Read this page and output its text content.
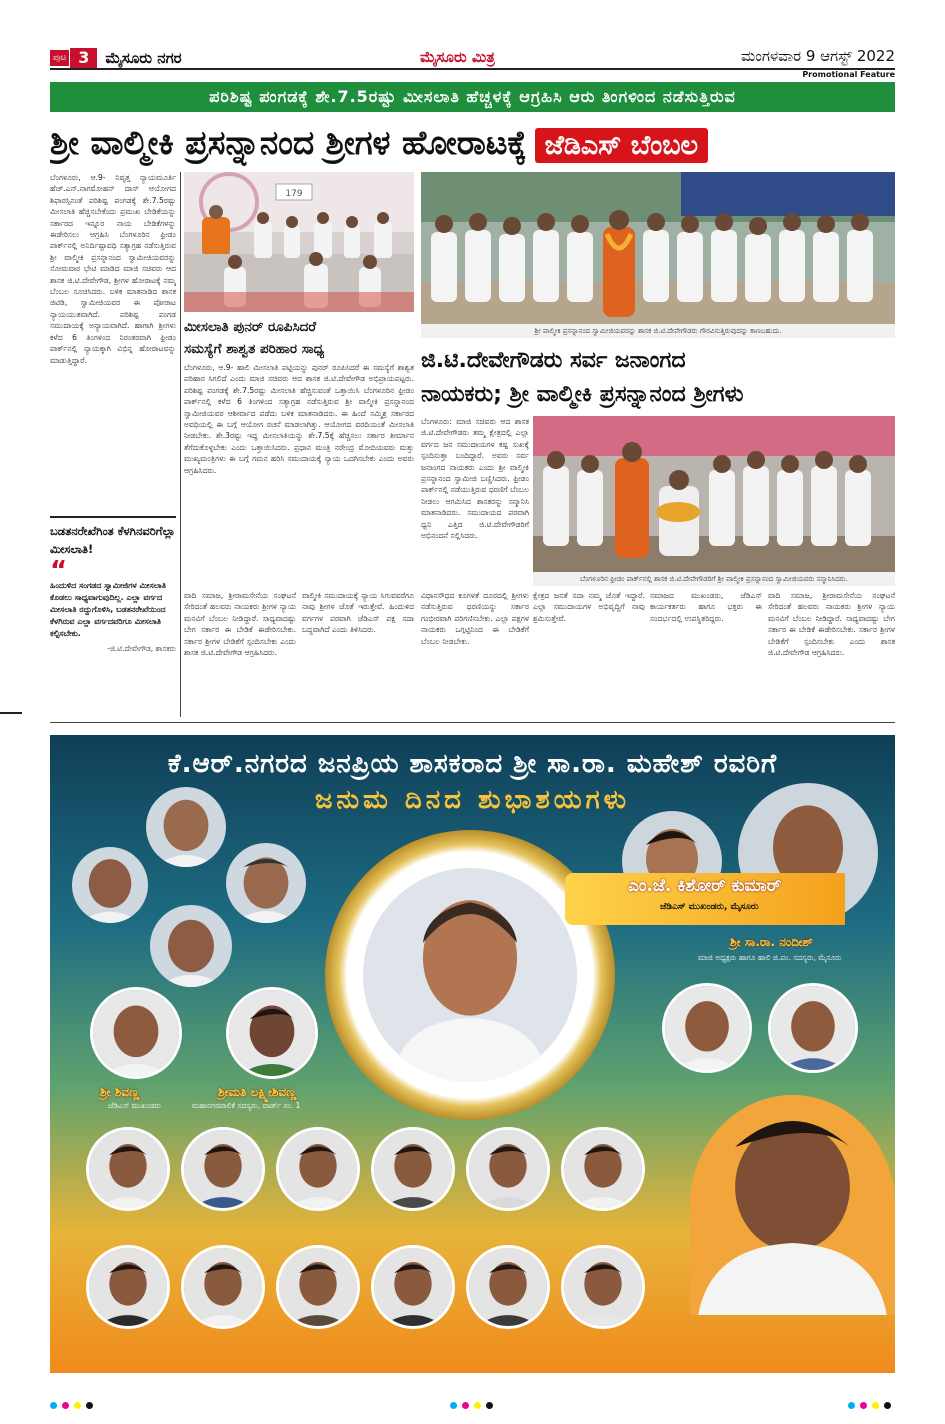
ಪುಟ 3	ಮೈಸೂರು ನಗರ	ಮೈಸೂರು ಮಿತ್ರ	ಮಂಗಳವಾರ 9 ಆಗಸ್ಟ್ 2022
Promotional Feature
ಪರಿಶಿಷ್ಟ ಪಂಗಡಕ್ಕೆ ಶೇ.7.5ರಷ್ಟು ಮೀಸಲಾತಿ ಹೆಚ್ಚಳಕ್ಕೆ ಆಗ್ರಹಿಸಿ ಆರು ತಿಂಗಳಿಂದ ನಡೆಸುತ್ತಿರುವ
ಶ್ರೀ ವಾಲ್ಮೀಕಿ ಪ್ರಸನ್ನಾನಂದ ಶ್ರೀಗಳ ಹೋರಾಟಕ್ಕೆ ಜೆಡಿಎಸ್ ಬೆಂಬಲ
ಬೆಂಗಳೂರು, ಆ.9- ನಿವೃತ್ತ ನ್ಯಾಯಮೂರ್ತಿ ಹೆಚ್.ಎನ್.ನಾಗಮೋಹನ್ ದಾಸ್ ಆಯೋಗದ ಶಿಫಾರಸ್ಸಿನಂತೆ ಪರಿಶಿಷ್ಟ ಪಂಗಡಕ್ಕೆ ಶೇ.7.5ರಷ್ಟು ಮೀಸಲಾತಿ ಹೆಚ್ಚಿಸಬೇಕೆಂದು ಪ್ರಮುಖ ಬೇಡಿಕೆಯನ್ನು ಸರ್ಕಾರದ ಇನ್ನೂರ ನಾಯ ಬೇಡಿಕೆಗಳನ್ನು ಈಡೇರಿಸಲು ಆಗ್ರಹಿಸಿ ಬೆಂಗಳೂರಿನ ಫ್ರೀಡಂ ಪಾರ್ಕ್‌ನಲ್ಲಿ ಅನಿರ್ದಿಷ್ಟಾವಧಿ ಸತ್ಯಾಗ್ರಹ ನಡೆಸುತ್ತಿರುವ ಶ್ರೀ ವಾಲ್ಮೀಕಿ ಪ್ರಸನ್ನಾನಂದ ಸ್ವಾಮೀಜಿಯವರನ್ನು ಸೋಮವಾರ ಭೇಟಿ ಮಾಡಿದ ಮಾಜಿ ಸಚಿವರು ಆದ ಶಾಸಕ ಜಿ.ಟಿ.ದೇವೇಗೌಡ, ಶ್ರೀಗಳ ಹೋರಾಟಕ್ಕೆ ನಮ್ಮ ಬೆಂಬಲ ಸೂಚಿಸಿದರು. ಬಳಿಕ ಮಾತನಾಡಿದ ಶಾಸಕ ಜಿಟಿಡಿ, ಸ್ವಾಮೀಜಿಯವರ ಈ ಪೋರಾಟ ನ್ಯಾಯಯುತವಾಗಿದೆ. ಪರಿಶಿಷ್ಟ ಪಂಗಡ ಸಮುದಾಯಕ್ಕೆ ಅನ್ಯಾಯವಾಗಿದೆ. ಹಾಗಾಗಿ ಶ್ರೀಗಳು ಕಳೆದ 6 ತಿಂಗಳಿಂದ ನಿರಂತರವಾಗಿ ಫ್ರೀಡಂ ಪಾರ್ಕ್‌ನಲ್ಲಿ ನ್ಯಾಯಕ್ಕಾಗಿ ವಿಭಿನ್ನ ಹೋರಾಟವನ್ನು ಮಾಡುತ್ತಿದ್ದಾರೆ.
179
ಶ್ರೀ ವಾಲ್ಮೀಕಿ ಪ್ರಸನ್ನಾನಂದ ಸ್ವಾಮೀಜಿಯವರನ್ನು ಶಾಸಕ ಜಿ.ಟಿ.ದೇವೇಗೌಡರು ಗೌರವಿಸುತ್ತಿರುವುದನ್ನು ಕಾಣಬಹುದು.
ಮೀಸಲಾತಿ ಪುನರ್ ರೂಪಿಸಿದರೆ
ಸಮಸ್ಯೆಗೆ ಶಾಶ್ವತ ಪರಿಹಾರ ಸಾಧ್ಯ
ಬೆಂಗಳೂರು, ಆ.9- ಹಾಲಿ ಮೀಸಲಾತಿ ಪಟ್ಟಿಯನ್ನು ಪುನರ್ ರೂಪಿಸಿದರೆ ಈ ಸಮಸ್ಯೆಗೆ ಶಾಶ್ವತ ಪರಿಹಾರ ಸಿಗಲಿದೆ ಎಂದು ಮಾಜಿ ಸಚಿವರು ಆದ ಶಾಸಕ ಜಿ.ಟಿ.ದೇವೇಗೌಡ ಅಭಿಪ್ರಾಯಪಟ್ಟರು. ಪರಿಶಿಷ್ಟ ಪಂಗಡಕ್ಕೆ ಶೇ.7.5ರಷ್ಟು ಮೀಸಲಾತಿ ಹೆಚ್ಚಿಸುವಂತೆ ಒತ್ತಾಯಿಸಿ ಬೆಂಗಳೂರಿನ ಫ್ರೀಡಂ ಪಾರ್ಕ್‌ನಲ್ಲಿ ಕಳೆದ 6 ತಿಂಗಳಿಂದ ಸತ್ಯಾಗ್ರಹ ನಡೆಸುತ್ತಿರುವ ಶ್ರೀ ವಾಲ್ಮೀಕಿ ಪ್ರಸನ್ನಾನಂದ ಸ್ವಾಮೀಜಿಯವರ ಆಶೀರ್ವಾದ ಪಡೆದು ಬಳಿಕ ಮಾತನಾಡಿದರು. ಈ ಹಿಂದೆ ಸಮ್ಮಿಶ್ರ ಸರ್ಕಾರದ ಅವಧಿಯಲ್ಲಿ ಈ ಬಗ್ಗೆ ಆಯೋಗ ರಚನೆ ಮಾಡಲಾಗಿತ್ತು. ಆಯೋಗದ ವರದಿಯಂತೆ ಮೀಸಲಾತಿ ನೀಡಬೇಕು. ಶೇ.3ರಷ್ಟು ಇದ್ದ ಮೀಸಲಾತಿಯನ್ನು ಶೇ.7.5ಕ್ಕೆ ಹೆಚ್ಚಿಸಲು ಸರ್ಕಾರ ತೀರ್ಮಾನ ತೆಗೆದುಕೊಳ್ಳಬೇಕು ಎಂದು ಒತ್ತಾಯಿಸಿದರು. ಪ್ರಧಾನ ಮಂತ್ರಿ ನರೇಂದ್ರ ಮೋದಿಯವರು ಮತ್ತು ಮುಖ್ಯಮಂತ್ರಿಗಳು ಈ ಬಗ್ಗೆ ಗಮನ ಹರಿಸಿ ಸಮುದಾಯಕ್ಕೆ ನ್ಯಾಯ ಒದಗಿಸಬೇಕು ಎಂದು ಅವರು ಆಗ್ರಹಿಸಿದರು.
ಜಿ.ಟಿ.ದೇವೇಗೌಡರು ಸರ್ವ ಜನಾಂಗದ
ನಾಯಕರು; ಶ್ರೀ ವಾಲ್ಮೀಕಿ ಪ್ರಸನ್ನಾನಂದ ಶ್ರೀಗಳು
ಬೆಂಗಳೂರು: ಮಾಜಿ ಸಚಿವರು ಆದ ಶಾಸಕ ಜಿ.ಟಿ.ದೇವೇಗೌಡರು ತಮ್ಮ ಕ್ಷೇತ್ರದಲ್ಲಿ ಎಲ್ಲಾ ವರ್ಗದ ಜನ ಸಮುದಾಯಗಳ ಕಷ್ಟ ಸುಖಕ್ಕೆ ಸ್ಪಂದಿಸುತ್ತಾ ಬಂದಿದ್ದಾರೆ. ಅವರು ಸರ್ವ ಜನಾಂಗದ ನಾಯಕರು ಎಂದು ಶ್ರೀ ವಾಲ್ಮೀಕಿ ಪ್ರಸನ್ನಾನಂದ ಸ್ವಾಮೀಜಿ ಬಣ್ಣಿಸಿದರು. ಫ್ರೀಡಂ ಪಾರ್ಕ್‌ನಲ್ಲಿ ನಡೆಯುತ್ತಿರುವ ಧರಣಿಗೆ ಬೆಂಬಲ ನೀಡಲು ಆಗಮಿಸಿದ ಶಾಸಕರನ್ನು ಸನ್ಮಾನಿಸಿ ಮಾತನಾಡಿದರು. ಸಮುದಾಯದ ಪರವಾಗಿ ಧ್ವನಿ ಎತ್ತಿದ ಜಿ.ಟಿ.ದೇವೇಗೌಡರಿಗೆ ಅಭಿನಂದನೆ ಸಲ್ಲಿಸಿದರು.
ಬೆಂಗಳೂರಿನ ಫ್ರೀಡಂ ಪಾರ್ಕ್‌ನಲ್ಲಿ ಶಾಸಕ ಜಿ.ಟಿ.ದೇವೇಗೌಡರಿಗೆ ಶ್ರೀ ವಾಲ್ಮೀಕಿ ಪ್ರಸನ್ನಾನಂದ ಸ್ವಾಮೀಜಿಯವರು ಸನ್ಮಾನಿಸಿದರು.
ಬಡತನರೇಖೆಗಿಂತ ಕೆಳಗಿನವರಿಗೆಲ್ಲಾ ಮೀಸಲಾತಿ!
“
ಹಿಂದುಳಿದ ಸಂಗಡದ ಸ್ವಾಮೀಜಿಗಳ ಮೀಸಲಾತಿ ಕೊಡಲು ಸಾಧ್ಯವಾಗುವುದಿಲ್ಲ. ಎಲ್ಲಾ ವರ್ಗದ ಮೀಸಲಾತಿ ರದ್ದುಗೊಳಿಸಿ, ಬಡತನರೇಖೆಯಿಂದ ಕೆಳಗಿರುವ ಎಲ್ಲಾ ವರ್ಗದವರಿಗೂ ಮೀಸಲಾತಿ ಕಲ್ಪಿಸಬೇಕು.
-ಜಿ.ಟಿ.ದೇವೇಗೌಡ, ಶಾಸಕರು
ವಾದಿ ಸಮಾಜ, ಶ್ರೀರಾಮಸೇನೆಯ ಸಂಘಟನೆ ಸೇರಿದಂತೆ ಹಲವರು ನಾಯಕರು ಶ್ರೀಗಳ ನ್ಯಾಯ ಮನವಿಗೆ ಬೆಂಬಲ ನೀಡಿದ್ದಾರೆ. ಸಾಧ್ಯವಾದಷ್ಟು ಬೇಗ ಸರ್ಕಾರ ಈ ಬೇಡಿಕೆ ಈಡೇರಿಸಬೇಕು. ಸರ್ಕಾರ ಶ್ರೀಗಳ ಬೇಡಿಕೆಗೆ ಸ್ಪಂದಿಸಬೇಕು ಎಂದು ಶಾಸಕ ಜಿ.ಟಿ.ದೇವೇಗೌಡ ಆಗ್ರಹಿಸಿದರು.
ವಾಲ್ಮೀಕಿ ಸಮುದಾಯಕ್ಕೆ ನ್ಯಾಯ ಸಿಗುವವರೆಗೂ ನಾವು ಶ್ರೀಗಳ ಜೊತೆ ಇರುತ್ತೇವೆ. ಹಿಂದುಳಿದ ವರ್ಗಗಳ ಪರವಾಗಿ ಜೆಡಿಎಸ್ ಪಕ್ಷ ಸದಾ ಬದ್ಧವಾಗಿದೆ ಎಂದು ತಿಳಿಸಿದರು.
ವಿಧಾನಸೌಧದ ಕೂಗಳತೆ ದೂರದಲ್ಲಿ ಶ್ರೀಗಳು ನಡೆಸುತ್ತಿರುವ ಧರಣಿಯನ್ನು ಸರ್ಕಾರ ಗಂಭೀರವಾಗಿ ಪರಿಗಣಿಸಬೇಕು. ಎಲ್ಲಾ ಪಕ್ಷಗಳ ನಾಯಕರು ಒಗ್ಗಟ್ಟಿನಿಂದ ಈ ಬೇಡಿಕೆಗೆ ಬೆಂಬಲ ನೀಡಬೇಕು.
ಕ್ಷೇತ್ರದ ಜನತೆ ಸದಾ ನಮ್ಮ ಜೊತೆ ಇದ್ದಾರೆ. ಎಲ್ಲಾ ಸಮುದಾಯಗಳ ಅಭಿವೃದ್ಧಿಗೆ ನಾವು ಶ್ರಮಿಸುತ್ತೇವೆ.
ಸಮಾಜದ ಮುಖಂಡರು, ಜೆಡಿಎಸ್ ಕಾರ್ಯಕರ್ತರು ಹಾಗೂ ಭಕ್ತರು ಈ ಸಂದರ್ಭದಲ್ಲಿ ಉಪಸ್ಥಿತರಿದ್ದರು.
ವಾದಿ ಸಮಾಜ, ಶ್ರೀರಾಮಸೇನೆಯ ಸಂಘಟನೆ ಸೇರಿದಂತೆ ಹಲವರು ನಾಯಕರು ಶ್ರೀಗಳ ನ್ಯಾಯ ಮನವಿಗೆ ಬೆಂಬಲ ನೀಡಿದ್ದಾರೆ. ಸಾಧ್ಯವಾದಷ್ಟು ಬೇಗ ಸರ್ಕಾರ ಈ ಬೇಡಿಕೆ ಈಡೇರಿಸಬೇಕು. ಸರ್ಕಾರ ಶ್ರೀಗಳ ಬೇಡಿಕೆಗೆ ಸ್ಪಂದಿಸಬೇಕು ಎಂದು ಶಾಸಕ ಜಿ.ಟಿ.ದೇವೇಗೌಡ ಆಗ್ರಹಿಸಿದರು.
ಕೆ.ಆರ್.ನಗರದ ಜನಪ್ರಿಯ ಶಾಸಕರಾದ ಶ್ರೀ ಸಾ.ರಾ. ಮಹೇಶ್ ರವರಿಗೆ
ಜನುಮ ದಿನದ ಶುಭಾಶಯಗಳು
ಶ್ರೀ ಸಾ.ರಾ. ನಂದೀಶ್
ಮಾಜಿ ಅಧ್ಯಕ್ಷರು ಹಾಗೂ ಹಾಲಿ ಜಿ.ಪಂ. ಸದಸ್ಯರು, ಮೈಸೂರು
ಶ್ರೀ ಶಿವಣ್ಣ
ಜೆಡಿಎಸ್ ಮುಖಂಡರು
ಶ್ರೀಮತಿ ಲಕ್ಷ್ಮೀಶಿವಣ್ಣ
ಮಹಾನಗರಪಾಲಿಕೆ ಸದಸ್ಯರು, ವಾರ್ಡ್ ನಂ. 1
ಎಂ.ಜೆ. ಕಿಶೋರ್ ಕುಮಾರ್
ಜೆಡಿಎಸ್ ಮುಖಂಡರು, ಮೈಸೂರು
